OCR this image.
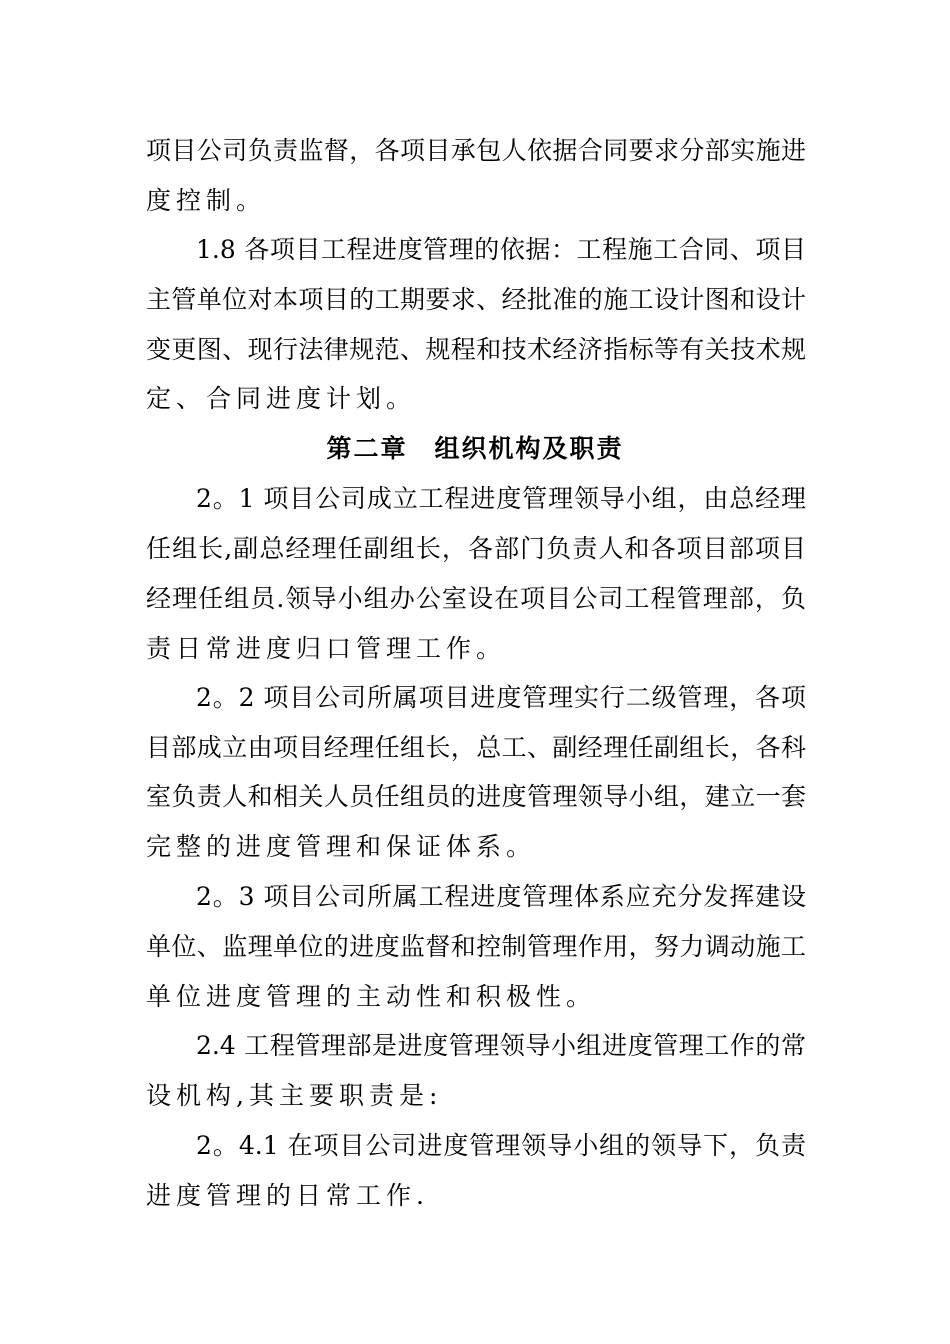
项目公司负责监督，各项目承包人依据合同要求分部实施进
度控制。
1.8 各项目工程进度管理的依据：工程施工合同、项目
主管单位对本项目的工期要求、经批准的施工设计图和设计
变更图、现行法律规范、规程和技术经济指标等有关技术规
定、合同进度计划。
第二章　组织机构及职责
2。1 项目公司成立工程进度管理领导小组，由总经理
任组长,副总经理任副组长，各部门负责人和各项目部项目
经理任组员.领导小组办公室设在项目公司工程管理部，负
责日常进度归口管理工作。
2。2 项目公司所属项目进度管理实行二级管理，各项
目部成立由项目经理任组长，总工、副经理任副组长，各科
室负责人和相关人员任组员的进度管理领导小组，建立一套
完整的进度管理和保证体系。
2。3 项目公司所属工程进度管理体系应充分发挥建设
单位、监理单位的进度监督和控制管理作用，努力调动施工
单位进度管理的主动性和积极性。
2.4 工程管理部是进度管理领导小组进度管理工作的常
设机构,其主要职责是:
2。4.1 在项目公司进度管理领导小组的领导下，负责
进度管理的日常工作.
